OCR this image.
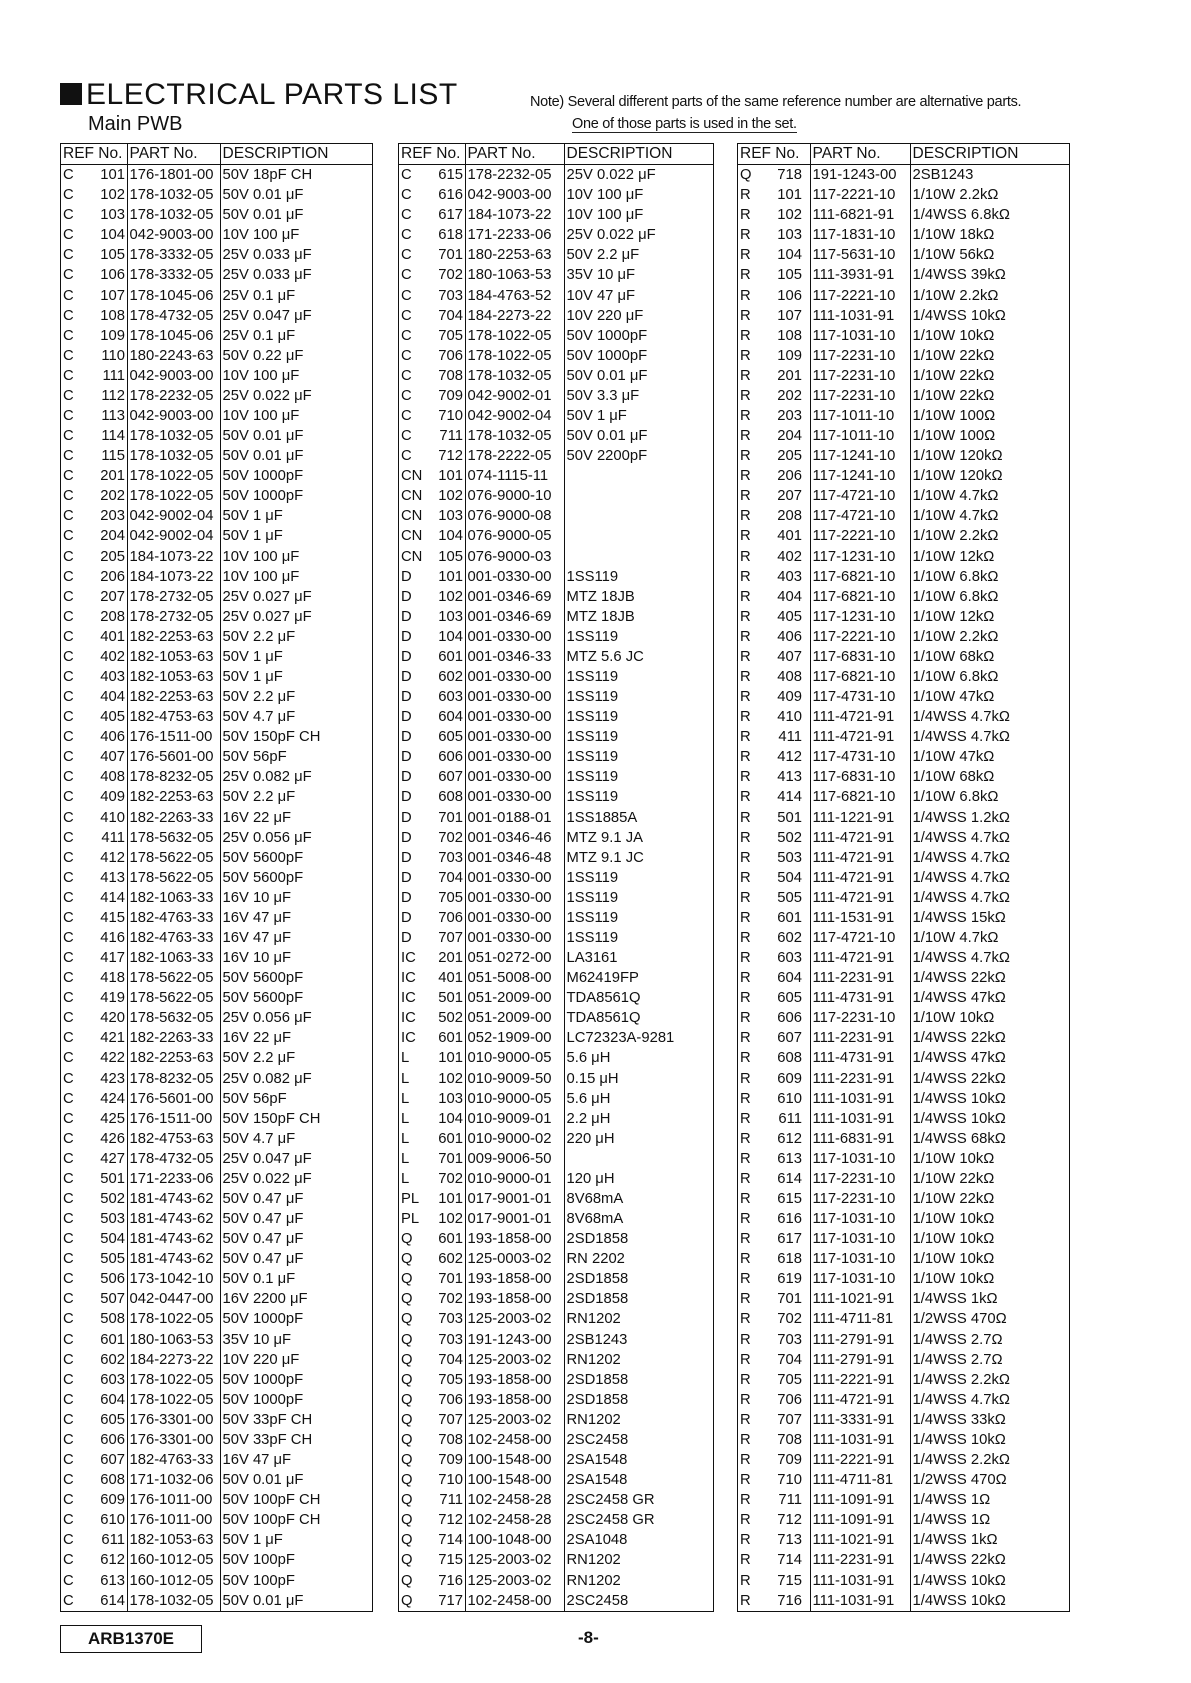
ELECTRICAL PARTS LIST
Main PWB
Note) Several different parts of the same reference number are alternative parts.
One of those parts is used in the set.
REF No.	PART No.	DESCRIPTION
C 101	176-1801-00	50V 18pF CH
C 102	178-1032-05	50V 0.01 μF
C 103	178-1032-05	50V 0.01 μF
C 104	042-9003-00	10V 100 μF
C 105	178-3332-05	25V 0.033 μF
C 106	178-3332-05	25V 0.033 μF
C 107	178-1045-06	25V 0.1 μF
C 108	178-4732-05	25V 0.047 μF
C 109	178-1045-06	25V 0.1 μF
C 110	180-2243-63	50V 0.22 μF
C 111	042-9003-00	10V 100 μF
C 112	178-2232-05	25V 0.022 μF
C 113	042-9003-00	10V 100 μF
C 114	178-1032-05	50V 0.01 μF
C 115	178-1032-05	50V 0.01 μF
C 201	178-1022-05	50V 1000pF
C 202	178-1022-05	50V 1000pF
C 203	042-9002-04	50V 1 μF
C 204	042-9002-04	50V 1 μF
C 205	184-1073-22	10V 100 μF
C 206	184-1073-22	10V 100 μF
C 207	178-2732-05	25V 0.027 μF
C 208	178-2732-05	25V 0.027 μF
C 401	182-2253-63	50V 2.2 μF
C 402	182-1053-63	50V 1 μF
C 403	182-1053-63	50V 1 μF
C 404	182-2253-63	50V 2.2 μF
C 405	182-4753-63	50V 4.7 μF
C 406	176-1511-00	50V 150pF CH
C 407	176-5601-00	50V 56pF
C 408	178-8232-05	25V 0.082 μF
C 409	182-2253-63	50V 2.2 μF
C 410	182-2263-33	16V 22 μF
C 411	178-5632-05	25V 0.056 μF
C 412	178-5622-05	50V 5600pF
C 413	178-5622-05	50V 5600pF
C 414	182-1063-33	16V 10 μF
C 415	182-4763-33	16V 47 μF
C 416	182-4763-33	16V 47 μF
C 417	182-1063-33	16V 10 μF
C 418	178-5622-05	50V 5600pF
C 419	178-5622-05	50V 5600pF
C 420	178-5632-05	25V 0.056 μF
C 421	182-2263-33	16V 22 μF
C 422	182-2253-63	50V 2.2 μF
C 423	178-8232-05	25V 0.082 μF
C 424	176-5601-00	50V 56pF
C 425	176-1511-00	50V 150pF CH
C 426	182-4753-63	50V 4.7 μF
C 427	178-4732-05	25V 0.047 μF
C 501	171-2233-06	25V 0.022 μF
C 502	181-4743-62	50V 0.47 μF
C 503	181-4743-62	50V 0.47 μF
C 504	181-4743-62	50V 0.47 μF
C 505	181-4743-62	50V 0.47 μF
C 506	173-1042-10	50V 0.1 μF
C 507	042-0447-00	16V 2200 μF
C 508	178-1022-05	50V 1000pF
C 601	180-1063-53	35V 10 μF
C 602	184-2273-22	10V 220 μF
C 603	178-1022-05	50V 1000pF
C 604	178-1022-05	50V 1000pF
C 605	176-3301-00	50V 33pF CH
C 606	176-3301-00	50V 33pF CH
C 607	182-4763-33	16V 47 μF
C 608	171-1032-06	50V 0.01 μF
C 609	176-1011-00	50V 100pF CH
C 610	176-1011-00	50V 100pF CH
C 611	182-1053-63	50V 1 μF
C 612	160-1012-05	50V 100pF
C 613	160-1012-05	50V 100pF
C 614	178-1032-05	50V 0.01 μF
REF No.	PART No.	DESCRIPTION
C 615	178-2232-05	25V 0.022 μF
C 616	042-9003-00	10V 100 μF
C 617	184-1073-22	10V 100 μF
C 618	171-2233-06	25V 0.022 μF
C 701	180-2253-63	50V 2.2 μF
C 702	180-1063-53	35V 10 μF
C 703	184-4763-52	10V 47 μF
C 704	184-2273-22	10V 220 μF
C 705	178-1022-05	50V 1000pF
C 706	178-1022-05	50V 1000pF
C 708	178-1032-05	50V 0.01 μF
C 709	042-9002-01	50V 3.3 μF
C 710	042-9002-04	50V 1 μF
C 711	178-1032-05	50V 0.01 μF
C 712	178-2222-05	50V 2200pF
CN 101	074-1115-11	
CN 102	076-9000-10	
CN 103	076-9000-08	
CN 104	076-9000-05	
CN 105	076-9000-03	
D 101	001-0330-00	1SS119
D 102	001-0346-69	MTZ 18JB
D 103	001-0346-69	MTZ 18JB
D 104	001-0330-00	1SS119
D 601	001-0346-33	MTZ 5.6 JC
D 602	001-0330-00	1SS119
D 603	001-0330-00	1SS119
D 604	001-0330-00	1SS119
D 605	001-0330-00	1SS119
D 606	001-0330-00	1SS119
D 607	001-0330-00	1SS119
D 608	001-0330-00	1SS119
D 701	001-0188-01	1SS1885A
D 702	001-0346-46	MTZ 9.1 JA
D 703	001-0346-48	MTZ 9.1 JC
D 704	001-0330-00	1SS119
D 705	001-0330-00	1SS119
D 706	001-0330-00	1SS119
D 707	001-0330-00	1SS119
IC 201	051-0272-00	LA3161
IC 401	051-5008-00	M62419FP
IC 501	051-2009-00	TDA8561Q
IC 502	051-2009-00	TDA8561Q
IC 601	052-1909-00	LC72323A-9281
L 101	010-9000-05	5.6 μH
L 102	010-9009-50	0.15 μH
L 103	010-9000-05	5.6 μH
L 104	010-9009-01	2.2 μH
L 601	010-9000-02	220 μH
L 701	009-9006-50	
L 702	010-9000-01	120 μH
PL 101	017-9001-01	8V68mA
PL 102	017-9001-01	8V68mA
Q 601	193-1858-00	2SD1858
Q 602	125-0003-02	RN 2202
Q 701	193-1858-00	2SD1858
Q 702	193-1858-00	2SD1858
Q 703	125-2003-02	RN1202
Q 703	191-1243-00	2SB1243
Q 704	125-2003-02	RN1202
Q 705	193-1858-00	2SD1858
Q 706	193-1858-00	2SD1858
Q 707	125-2003-02	RN1202
Q 708	102-2458-00	2SC2458
Q 709	100-1548-00	2SA1548
Q 710	100-1548-00	2SA1548
Q 711	102-2458-28	2SC2458 GR
Q 712	102-2458-28	2SC2458 GR
Q 714	100-1048-00	2SA1048
Q 715	125-2003-02	RN1202
Q 716	125-2003-02	RN1202
Q 717	102-2458-00	2SC2458
REF No.	PART No.	DESCRIPTION
Q 718	191-1243-00	2SB1243
R 101	117-2221-10	1/10W 2.2kΩ
R 102	111-6821-91	1/4WSS 6.8kΩ
R 103	117-1831-10	1/10W 18kΩ
R 104	117-5631-10	1/10W 56kΩ
R 105	111-3931-91	1/4WSS 39kΩ
R 106	117-2221-10	1/10W 2.2kΩ
R 107	111-1031-91	1/4WSS 10kΩ
R 108	117-1031-10	1/10W 10kΩ
R 109	117-2231-10	1/10W 22kΩ
R 201	117-2231-10	1/10W 22kΩ
R 202	117-2231-10	1/10W 22kΩ
R 203	117-1011-10	1/10W 100Ω
R 204	117-1011-10	1/10W 100Ω
R 205	117-1241-10	1/10W 120kΩ
R 206	117-1241-10	1/10W 120kΩ
R 207	117-4721-10	1/10W 4.7kΩ
R 208	117-4721-10	1/10W 4.7kΩ
R 401	117-2221-10	1/10W 2.2kΩ
R 402	117-1231-10	1/10W 12kΩ
R 403	117-6821-10	1/10W 6.8kΩ
R 404	117-6821-10	1/10W 6.8kΩ
R 405	117-1231-10	1/10W 12kΩ
R 406	117-2221-10	1/10W 2.2kΩ
R 407	117-6831-10	1/10W 68kΩ
R 408	117-6821-10	1/10W 6.8kΩ
R 409	117-4731-10	1/10W 47kΩ
R 410	111-4721-91	1/4WSS 4.7kΩ
R 411	111-4721-91	1/4WSS 4.7kΩ
R 412	117-4731-10	1/10W 47kΩ
R 413	117-6831-10	1/10W 68kΩ
R 414	117-6821-10	1/10W 6.8kΩ
R 501	111-1221-91	1/4WSS 1.2kΩ
R 502	111-4721-91	1/4WSS 4.7kΩ
R 503	111-4721-91	1/4WSS 4.7kΩ
R 504	111-4721-91	1/4WSS 4.7kΩ
R 505	111-4721-91	1/4WSS 4.7kΩ
R 601	111-1531-91	1/4WSS 15kΩ
R 602	117-4721-10	1/10W 4.7kΩ
R 603	111-4721-91	1/4WSS 4.7kΩ
R 604	111-2231-91	1/4WSS 22kΩ
R 605	111-4731-91	1/4WSS 47kΩ
R 606	117-2231-10	1/10W 10kΩ
R 607	111-2231-91	1/4WSS 22kΩ
R 608	111-4731-91	1/4WSS 47kΩ
R 609	111-2231-91	1/4WSS 22kΩ
R 610	111-1031-91	1/4WSS 10kΩ
R 611	111-1031-91	1/4WSS 10kΩ
R 612	111-6831-91	1/4WSS 68kΩ
R 613	117-1031-10	1/10W 10kΩ
R 614	117-2231-10	1/10W 22kΩ
R 615	117-2231-10	1/10W 22kΩ
R 616	117-1031-10	1/10W 10kΩ
R 617	117-1031-10	1/10W 10kΩ
R 618	117-1031-10	1/10W 10kΩ
R 619	117-1031-10	1/10W 10kΩ
R 701	111-1021-91	1/4WSS 1kΩ
R 702	111-4711-81	1/2WSS 470Ω
R 703	111-2791-91	1/4WSS 2.7Ω
R 704	111-2791-91	1/4WSS 2.7Ω
R 705	111-2221-91	1/4WSS 2.2kΩ
R 706	111-4721-91	1/4WSS 4.7kΩ
R 707	111-3331-91	1/4WSS 33kΩ
R 708	111-1031-91	1/4WSS 10kΩ
R 709	111-2221-91	1/4WSS 2.2kΩ
R 710	111-4711-81	1/2WSS 470Ω
R 711	111-1091-91	1/4WSS 1Ω
R 712	111-1091-91	1/4WSS 1Ω
R 713	111-1021-91	1/4WSS 1kΩ
R 714	111-2231-91	1/4WSS 22kΩ
R 715	111-1031-91	1/4WSS 10kΩ
R 716	111-1031-91	1/4WSS 10kΩ
ARB1370E	-8-
